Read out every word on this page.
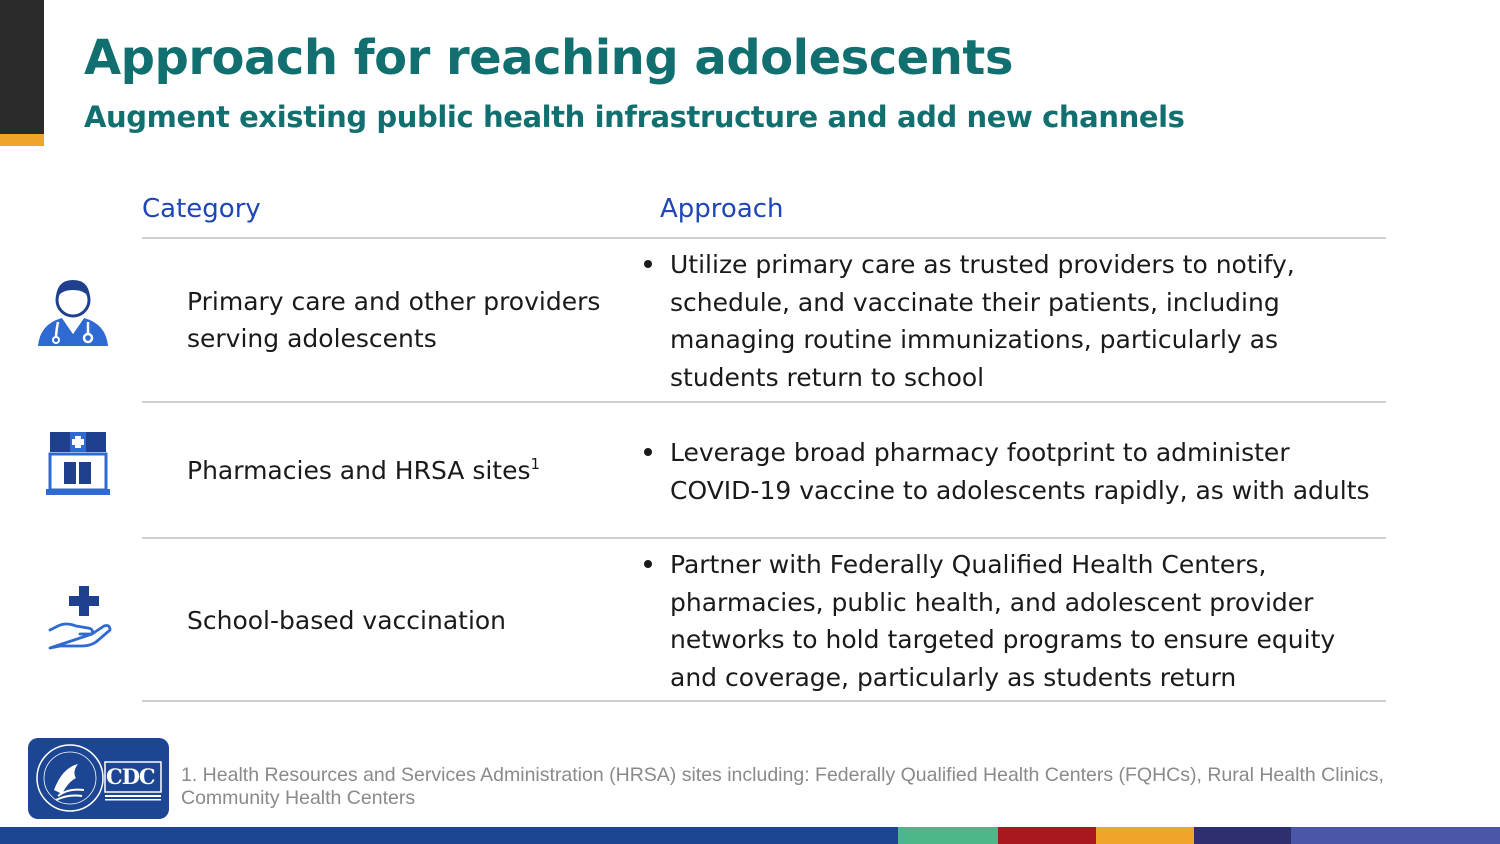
Approach for reaching adolescents
Augment existing public health infrastructure and add new channels
Category	Approach
Primary care and other providers serving adolescents
Utilize primary care as trusted providers to notify, schedule, and vaccinate their patients, including managing routine immunizations, particularly as students return to school
Pharmacies and HRSA sites$^1$	Leverage broad pharmacy footprint to administer COVID-19 vaccine to adolescents rapidly, as with adults
School-based vaccination
Partner with Federally Qualified Health Centers, pharmacies, public health, and adolescent provider networks to hold targeted programs to ensure equity and coverage, particularly as students return
CDC 1. Health Resources and Services Administration (HRSA) sites including: Federally Qualified Health Centers (FQHCs), Rural Health Clinics, Community Health Centers
